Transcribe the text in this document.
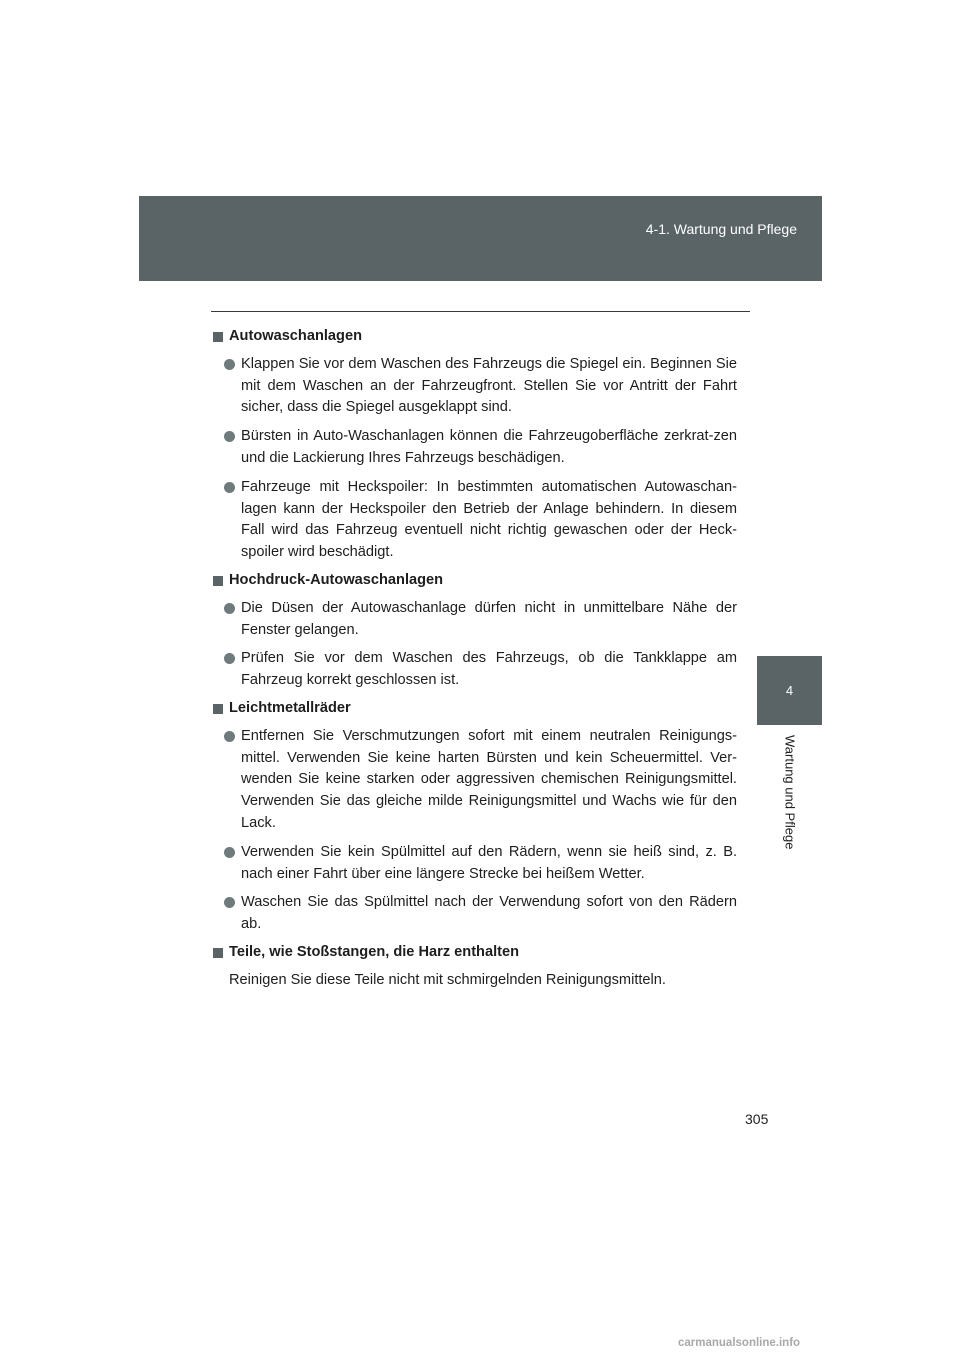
4-1. Wartung und Pflege
4
Wartung und Pflege

Autowaschanlagen

Klappen Sie vor dem Waschen des Fahrzeugs die Spiegel ein. Beginnen Sie mit dem Waschen an der Fahrzeugfront. Stellen Sie vor Antritt der Fahrt sicher, dass die Spiegel ausgeklappt sind.

Bürsten in Auto-Waschanlagen können die Fahrzeugoberfläche zerkrat-zen und die Lackierung Ihres Fahrzeugs beschädigen.

Fahrzeuge mit Heckspoiler: In bestimmten automatischen Autowaschan-lagen kann der Heckspoiler den Betrieb der Anlage behindern. In diesem Fall wird das Fahrzeug eventuell nicht richtig gewaschen oder der Heck-spoiler wird beschädigt.

Hochdruck-Autowaschanlagen

Die Düsen der Autowaschanlage dürfen nicht in unmittelbare Nähe der Fenster gelangen.

Prüfen Sie vor dem Waschen des Fahrzeugs, ob die Tankklappe am Fahrzeug korrekt geschlossen ist.

Leichtmetallräder

Entfernen Sie Verschmutzungen sofort mit einem neutralen Reinigungs-mittel. Verwenden Sie keine harten Bürsten und kein Scheuermittel. Ver-wenden Sie keine starken oder aggressiven chemischen Reinigungsmittel. Verwenden Sie das gleiche milde Reinigungsmittel und Wachs wie für den Lack.

Verwenden Sie kein Spülmittel auf den Rädern, wenn sie heiß sind, z. B. nach einer Fahrt über eine längere Strecke bei heißem Wetter.

Waschen Sie das Spülmittel nach der Verwendung sofort von den Rädern ab.

Teile, wie Stoßstangen, die Harz enthalten

Reinigen Sie diese Teile nicht mit schmirgelnden Reinigungsmitteln.

305
carmanualsonline.info
